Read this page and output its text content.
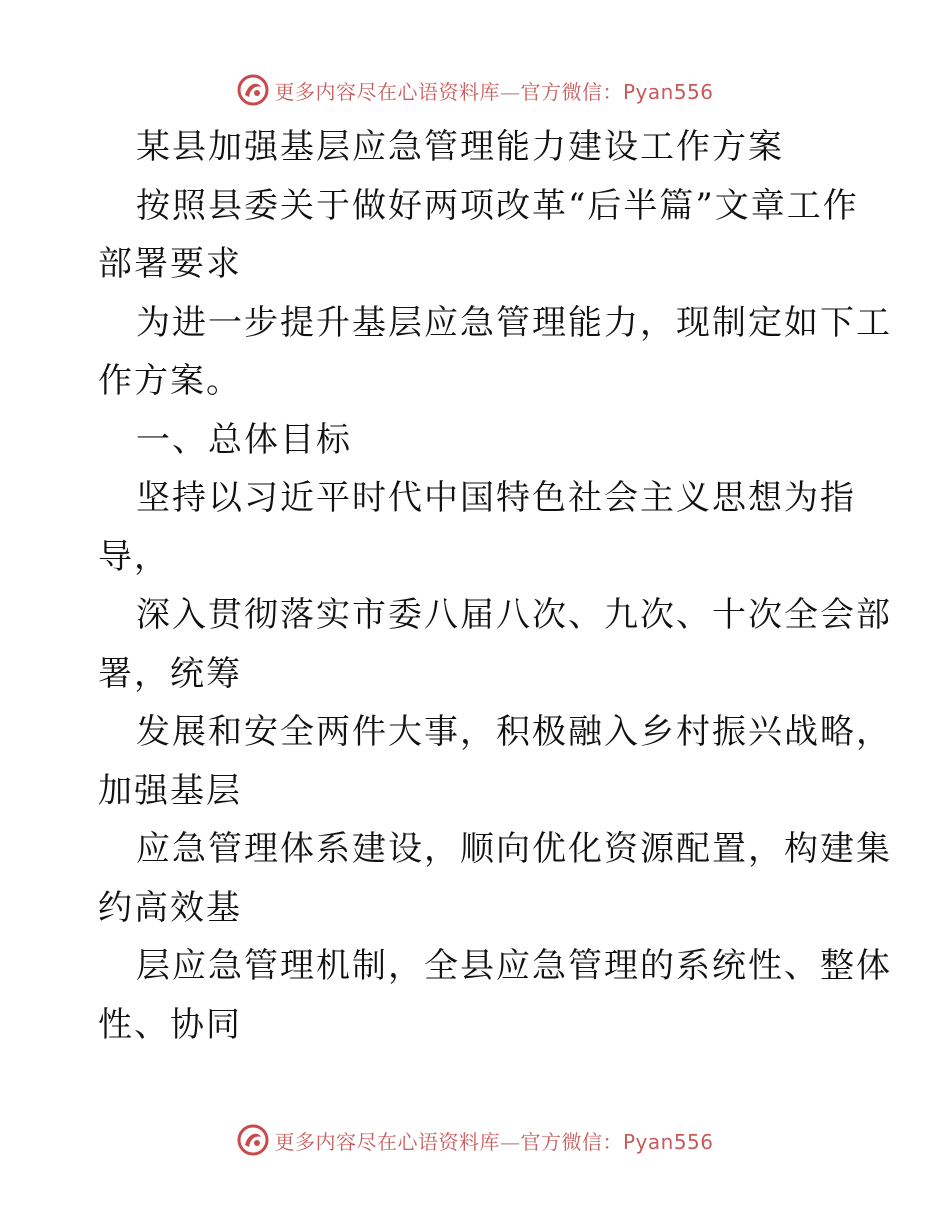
更多内容尽在心语资料库—官方微信：Pyan556
某县加强基层应急管理能力建设工作方案
按照县委关于做好两项改革“后半篇”文章工作
部署要求
为进一步提升基层应急管理能力，现制定如下工
作方案。
一、总体目标
坚持以习近平时代中国特色社会主义思想为指
导，
深入贯彻落实市委八届八次、九次、十次全会部
署，统筹
发展和安全两件大事，积极融入乡村振兴战略，
加强基层
应急管理体系建设，顺向优化资源配置，构建集
约高效基
层应急管理机制，全县应急管理的系统性、整体
性、协同
更多内容尽在心语资料库—官方微信：Pyan556
